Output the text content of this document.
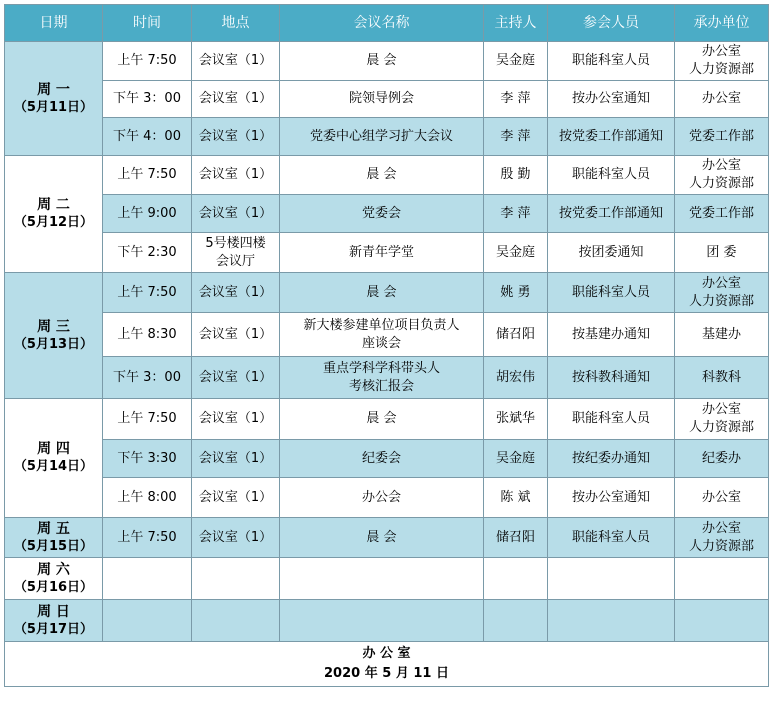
日期	时间	地点	会议名称	主持人	参会人员	承办单位

周 一
（5月11日）	上午 7:50	会议室（1）	晨 会	吴金庭	职能科室人员	办公室
人力资源部
	下午 3：00	会议室（1）	院领导例会	李 萍	按办公室通知	办公室
	下午 4：00	会议室（1）	党委中心组学习扩大会议	李 萍	按党委工作部通知	党委工作部

周 二
（5月12日）	上午 7:50	会议室（1）	晨 会	殷 勤	职能科室人员	办公室
人力资源部
	上午 9:00	会议室（1）	党委会	李 萍	按党委工作部通知	党委工作部
	下午 2:30	5号楼四楼
会议厅	新青年学堂	吴金庭	按团委通知	团 委

周 三
（5月13日）	上午 7:50	会议室（1）	晨 会	姚 勇	职能科室人员	办公室
人力资源部
	上午 8:30	会议室（1）	新大楼参建单位项目负责人
座谈会	储召阳	按基建办通知	基建办
	下午 3：00	会议室（1）	重点学科学科带头人
考核汇报会	胡宏伟	按科教科通知	科教科

周 四
（5月14日）	上午 7:50	会议室（1）	晨 会	张斌华	职能科室人员	办公室
人力资源部
	下午 3:30	会议室（1）	纪委会	吴金庭	按纪委办通知	纪委办
	上午 8:00	会议室（1）	办公会	陈 斌	按办公室通知	办公室

周 五
（5月15日）	上午 7:50	会议室（1）	晨 会	储召阳	职能科室人员	办公室
人力资源部

周 六
（5月16日）						

周 日
（5月17日）						

办 公 室
2020 年 5 月 11 日						
